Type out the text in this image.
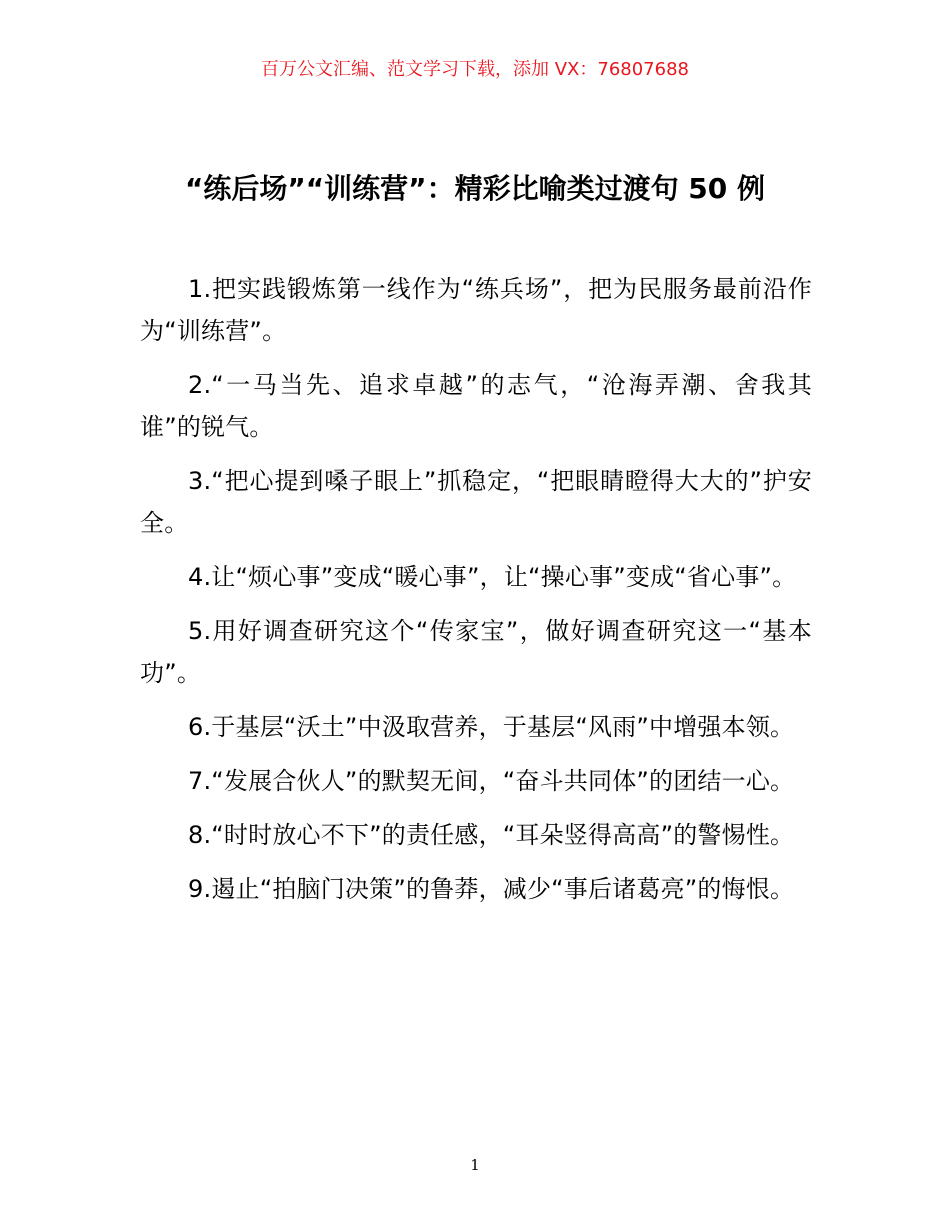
百万公文汇编、范文学习下载，添加 VX：76807688
“练后场”“训练营”：精彩比喻类过渡句 50 例
1.把实践锻炼第一线作为“练兵场”，把为民服务最前沿作为“训练营”。
2.“一马当先、追求卓越”的志气，“沧海弄潮、舍我其谁”的锐气。
3.“把心提到嗓子眼上”抓稳定，“把眼睛瞪得大大的”护安全。
4.让“烦心事”变成“暖心事”，让“操心事”变成“省心事”。
5.用好调查研究这个“传家宝”，做好调查研究这一“基本功”。
6.于基层“沃土”中汲取营养，于基层“风雨”中增强本领。
7.“发展合伙人”的默契无间，“奋斗共同体”的团结一心。
8.“时时放心不下”的责任感，“耳朵竖得高高”的警惕性。
9.遏止“拍脑门决策”的鲁莽，减少“事后诸葛亮”的悔恨。
1
